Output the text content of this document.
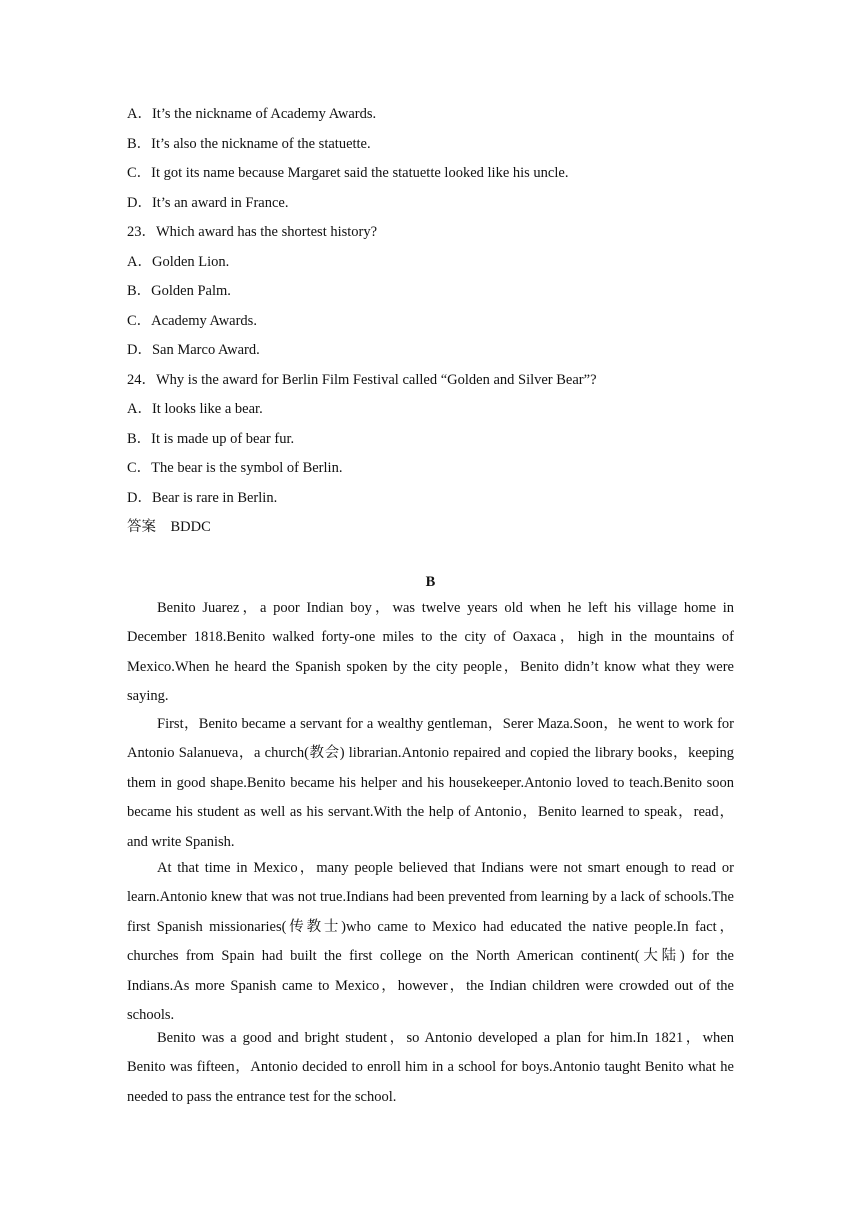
A．It’s the nickname of Academy Awards.
B．It’s also the nickname of the statuette.
C．It got its name because Margaret said the statuette looked like his uncle.
D．It’s an award in France.
23．Which award has the shortest history?
A．Golden Lion.
B．Golden Palm.
C．Academy Awards.
D．San Marco Award.
24．Why is the award for Berlin Film Festival called “Golden and Silver Bear”?
A．It looks like a bear.
B．It is made up of bear fur.
C．The bear is the symbol of Berlin.
D．Bear is rare in Berlin.
答案　BDDC
B

Benito Juarez，a poor Indian boy，was twelve years old when he left his village home in December 1818.Benito walked forty-one miles to the city of Oaxaca，high in the mountains of Mexico.When he heard the Spanish spoken by the city people，Benito didn’t know what they were saying.

First，Benito became a servant for a wealthy gentleman，Serer Maza.Soon，he went to work for Antonio Salanueva，a church(教会) librarian.Antonio repaired and copied the library books，keeping them in good shape.Benito became his helper and his housekeeper.Antonio loved to teach.Benito soon became his student as well as his servant.With the help of Antonio，Benito learned to speak，read，and write Spanish.

At that time in Mexico，many people believed that Indians were not smart enough to read or learn.Antonio knew that was not true.Indians had been prevented from learning by a lack of schools.The first Spanish missionaries(传教士)who came to Mexico had educated the native people.In fact，churches from Spain had built the first college on the North American continent(大陆) for the Indians.As more Spanish came to Mexico，however，the Indian children were crowded out of the schools.

Benito was a good and bright student，so Antonio developed a plan for him.In 1821，when Benito was fifteen，Antonio decided to enroll him in a school for boys.Antonio taught Benito what he needed to pass the entrance test for the school.
